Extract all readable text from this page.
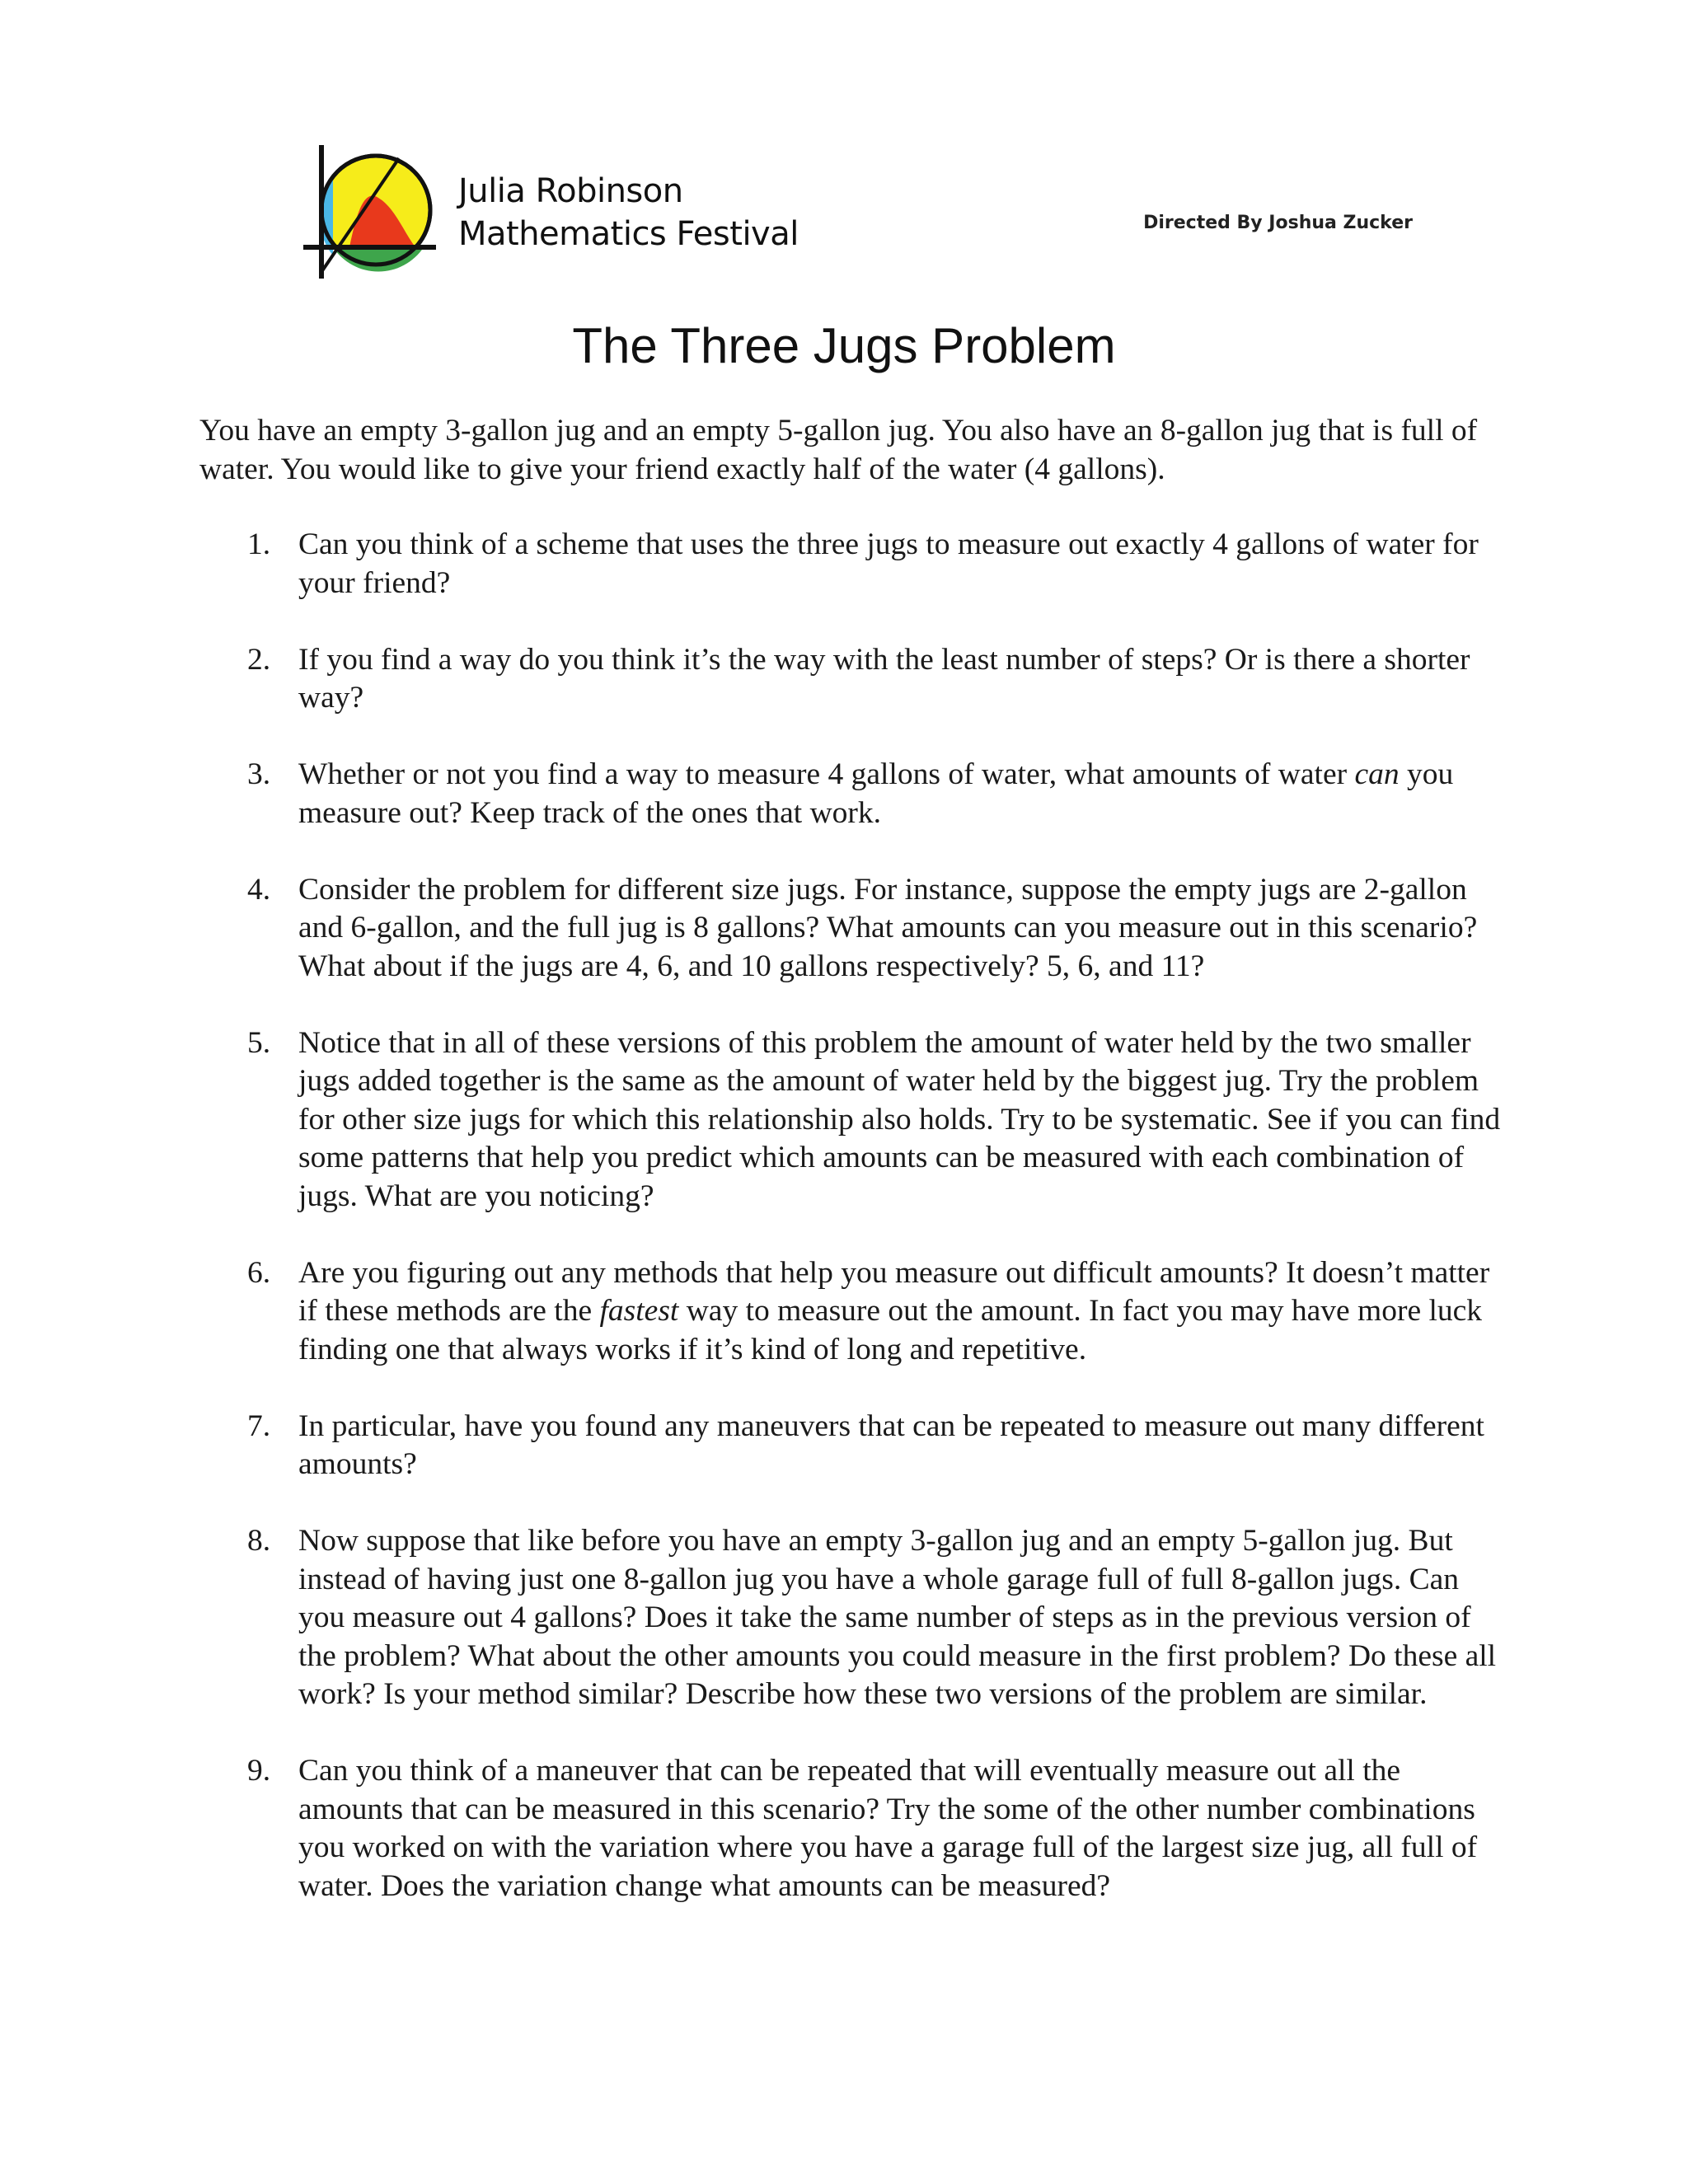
Julia Robinson
Mathematics Festival	Directed By Joshua Zucker
The Three Jugs Problem
You have an empty 3-gallon jug and an empty 5-gallon jug. You also have an 8-gallon jug that is full of water. You would like to give your friend exactly half of the water (4 gallons).
1. Can you think of a scheme that uses the three jugs to measure out exactly 4 gallons of water for your friend?
2. If you find a way do you think it’s the way with the least number of steps? Or is there a shorter way?
3. Whether or not you find a way to measure 4 gallons of water, what amounts of water can you measure out? Keep track of the ones that work.
4. Consider the problem for different size jugs. For instance, suppose the empty jugs are 2-gallon and 6-gallon, and the full jug is 8 gallons? What amounts can you measure out in this scenario? What about if the jugs are 4, 6, and 10 gallons respectively? 5, 6, and 11?
5. Notice that in all of these versions of this problem the amount of water held by the two smaller jugs added together is the same as the amount of water held by the biggest jug. Try the problem for other size jugs for which this relationship also holds. Try to be systematic. See if you can find some patterns that help you predict which amounts can be measured with each combination of jugs. What are you noticing?
6. Are you figuring out any methods that help you measure out difficult amounts? It doesn’t matter if these methods are the fastest way to measure out the amount. In fact you may have more luck finding one that always works if it’s kind of long and repetitive.
7. In particular, have you found any maneuvers that can be repeated to measure out many different amounts?
8. Now suppose that like before you have an empty 3-gallon jug and an empty 5-gallon jug. But instead of having just one 8-gallon jug you have a whole garage full of full 8-gallon jugs. Can you measure out 4 gallons? Does it take the same number of steps as in the previous version of the problem? What about the other amounts you could measure in the first problem? Do these all work? Is your method similar? Describe how these two versions of the problem are similar.
9. Can you think of a maneuver that can be repeated that will eventually measure out all the amounts that can be measured in this scenario? Try the some of the other number combinations you worked on with the variation where you have a garage full of the largest size jug, all full of water. Does the variation change what amounts can be measured?
